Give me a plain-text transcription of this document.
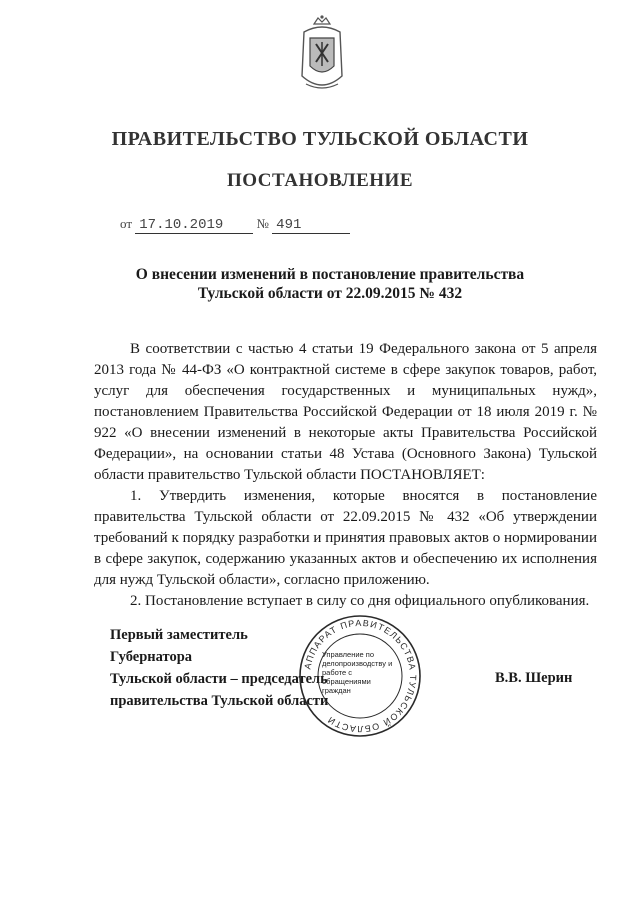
ПРАВИТЕЛЬСТВО ТУЛЬСКОЙ ОБЛАСТИ
ПОСТАНОВЛЕНИЕ
от 17.10.2019	№ 491
О внесении изменений в постановление правительства
Тульской области от 22.09.2015 № 432

В соответствии с частью 4 статьи 19 Федерального закона от 5 апреля 2013 года № 44-ФЗ «О контрактной системе в сфере закупок товаров, работ, услуг для обеспечения государственных и муниципальных нужд», постановлением Правительства Российской Федерации от 18 июля 2019 г. № 922 «О внесении изменений в некоторые акты Правительства Российской Федерации», на основании статьи 48 Устава (Основного Закона) Тульской области правительство Тульской области ПОСТАНОВЛЯЕТ:

1. Утвердить изменения, которые вносятся в постановление правительства Тульской области от 22.09.2015 № 432 «Об утверждении требований к порядку разработки и принятия правовых актов о нормировании в сфере закупок, содержанию указанных актов и обеспечению их исполнения для нужд Тульской области», согласно приложению.

2. Постановление вступает в силу со дня официального опубликования.

Первый заместитель Губернатора
Тульской области – председатель
правительства Тульской области
АППАРАТ ПРАВИТЕЛЬСТВА ТУЛЬСКОЙ ОБЛАСТИ
Управление по делопроизводству и работе с обращениями граждан
В.В. Шерин
